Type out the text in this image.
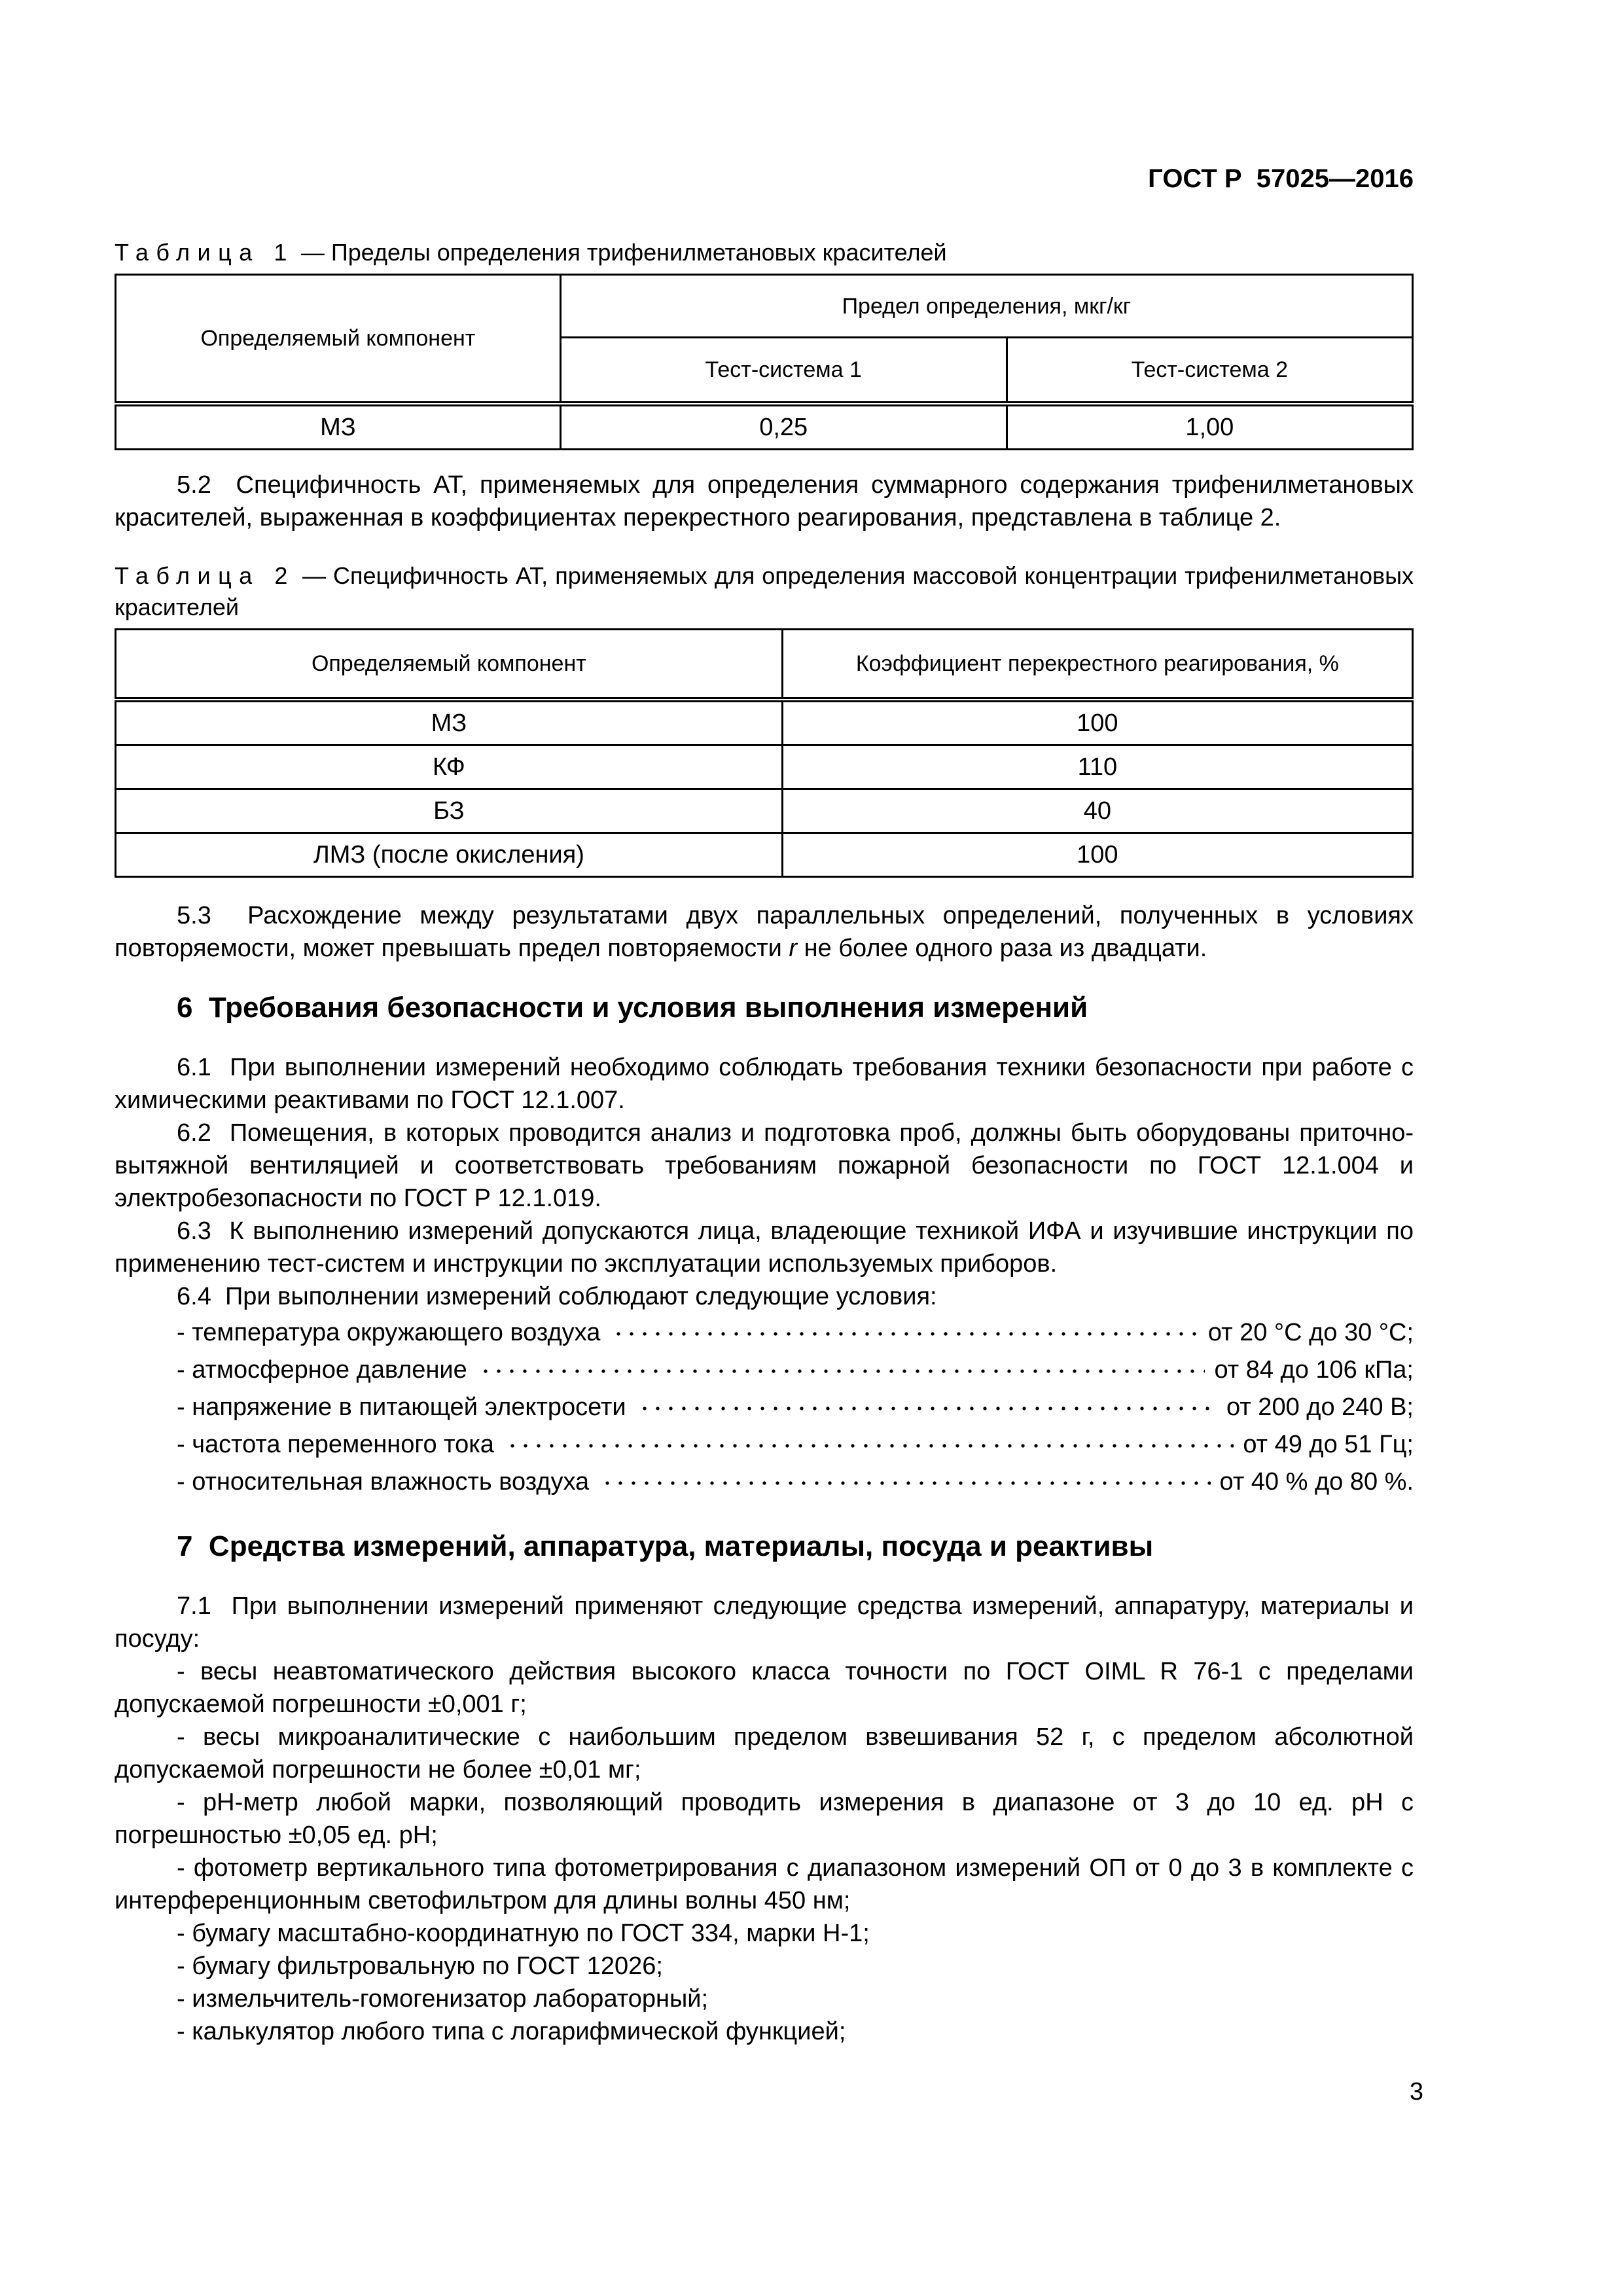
ГОСТ Р  57025—2016

Таблица 1 — Пределы определения трифенилметановых красителей

Определяемый компонент	Предел определения, мкг/кг	
	Тест-система 1	Тест-система 2
МЗ	0,25	1,00

5.2  Специфичность АТ, применяемых для определения суммарного содержания трифенилметановых красителей, выраженная в коэффициентах перекрестного реагирования, представлена в таблице 2.

Таблица 2 — Специфичность АТ, применяемых для определения массовой концентрации трифенилметановых красителей

Определяемый компонент	Коэффициент перекрестного реагирования, %
МЗ	100
КФ	110
БЗ	40
ЛМЗ (после окисления)	100

5.3  Расхождение между результатами двух параллельных определений, полученных в условиях повторяемости, может превышать предел повторяемости r не более одного раза из двадцати.

6  Требования безопасности и условия выполнения измерений

6.1  При выполнении измерений необходимо соблюдать требования техники безопасности при работе с химическими реактивами по ГОСТ 12.1.007.

6.2  Помещения, в которых проводится анализ и подготовка проб, должны быть оборудованы приточно-вытяжной вентиляцией и соответствовать требованиям пожарной безопасности по ГОСТ 12.1.004 и электробезопасности по ГОСТ Р 12.1.019.

6.3  К выполнению измерений допускаются лица, владеющие техникой ИФА и изучившие инструкции по применению тест-систем и инструкции по эксплуатации используемых приборов.

6.4  При выполнении измерений соблюдают следующие условия:

- температура окружающего воздуха	от 20 °С до 30 °С;
- атмосферное давление	от 84 до 106 кПа;
- напряжение в питающей электросети	от 200 до 240 В;
- частота переменного тока	от 49 до 51 Гц;
- относительная влажность воздуха	от 40 % до 80 %.
7  Средства измерений, аппаратура, материалы, посуда и реактивы

7.1  При выполнении измерений применяют следующие средства измерений, аппаратуру, материалы и посуду:

- весы неавтоматического действия высокого класса точности по ГОСТ OIML R 76-1 с пределами допускаемой погрешности ±0,001 г;

- весы микроаналитические с наибольшим пределом взвешивания 52 г, с пределом абсолютной допускаемой погрешности не более ±0,01 мг;

- pH-метр любой марки, позволяющий проводить измерения в диапазоне от 3 до 10 ед. pH с погрешностью ±0,05 ед. pH;

- фотометр вертикального типа фотометрирования с диапазоном измерений ОП от 0 до 3 в комплекте с интерференционным светофильтром для длины волны 450 нм;

- бумагу масштабно-координатную по ГОСТ 334, марки Н-1;

- бумагу фильтровальную по ГОСТ 12026;

- измельчитель-гомогенизатор лабораторный;

- калькулятор любого типа с логарифмической функцией;

3
